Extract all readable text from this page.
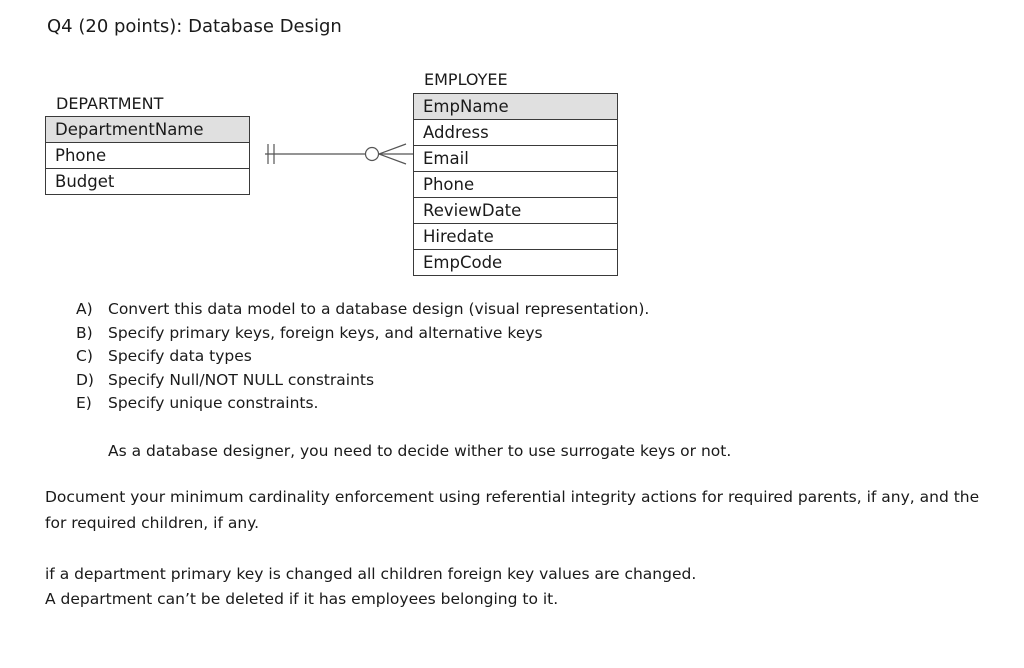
Q4 (20 points): Database Design
DEPARTMENT
DepartmentName
Phone
Budget
EMPLOYEE
EmpName
Address
Email
Phone
ReviewDate
Hiredate
EmpCode
A) Convert this data model to a database design (visual representation).
B) Specify primary keys, foreign keys, and alternative keys
C) Specify data types
D) Specify Null/NOT NULL constraints
E) Specify unique constraints.
As a database designer, you need to decide wither to use surrogate keys or not.
Document your minimum cardinality enforcement using referential integrity actions for required parents, if any, and the for required children, if any.
if a department primary key is changed all children foreign key values are changed.
A department can’t be deleted if it has employees belonging to it.
